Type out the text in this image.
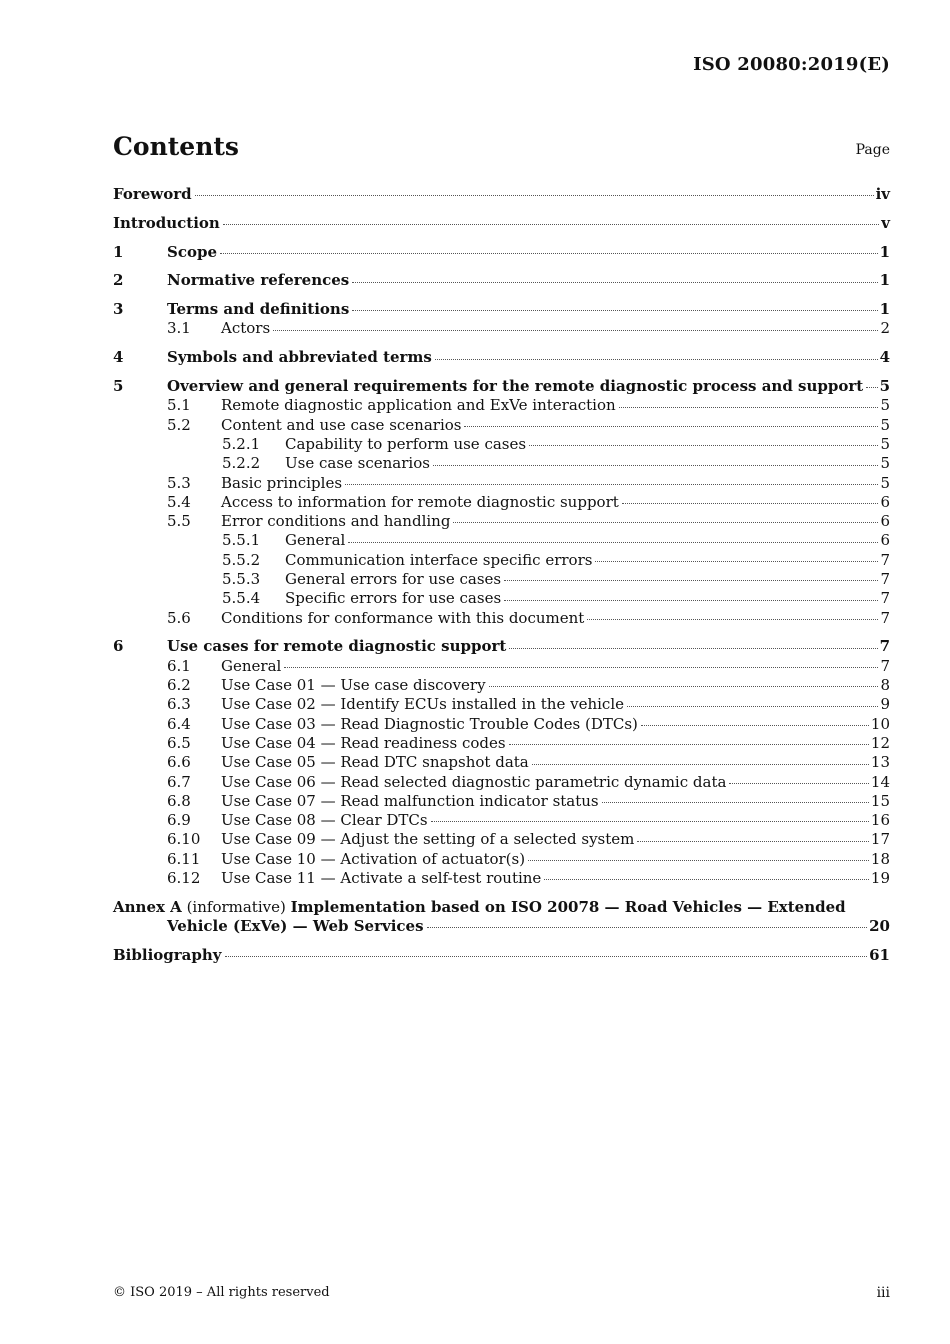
ISO 20080:2019(E)
Contents	Page
Foreword	iv
Introduction	v
1	Scope	1
2	Normative references	1
3	Terms and definitions	1
3.1	Actors	2
4	Symbols and abbreviated terms	4
5	Overview and general requirements for the remote diagnostic process and support 5
5.1	Remote diagnostic application and ExVe interaction	5
5.2	Content and use case scenarios	5
5.2.1	Capability to perform use cases	5
5.2.2	Use case scenarios	5
5.3	Basic principles	5
5.4	Access to information for remote diagnostic support	6
5.5	Error conditions and handling	6
5.5.1	General	6
5.5.2	Communication interface specific errors	7
5.5.3	General errors for use cases	7
5.5.4	Specific errors for use cases	7
5.6	Conditions for conformance with this document	7
6	Use cases for remote diagnostic support	7
6.1	General	7
6.2	Use Case 01 — Use case discovery	8
6.3	Use Case 02 — Identify ECUs installed in the vehicle	9
6.4	Use Case 03 — Read Diagnostic Trouble Codes (DTCs)	10
6.5	Use Case 04 — Read readiness codes	12
6.6	Use Case 05 — Read DTC snapshot data	13
6.7	Use Case 06 — Read selected diagnostic parametric dynamic data	14
6.8	Use Case 07 — Read malfunction indicator status	15
6.9	Use Case 08 — Clear DTCs	16
6.10	Use Case 09 — Adjust the setting of a selected system	17
6.11	Use Case 10 — Activation of actuator(s)	18
6.12	Use Case 11 — Activate a self-test routine	19
Annex A (informative) Implementation based on ISO 20078 — Road Vehicles — Extended
Vehicle (ExVe) — Web Services	20
Bibliography	61
© ISO 2019 – All rights reserved	iii
